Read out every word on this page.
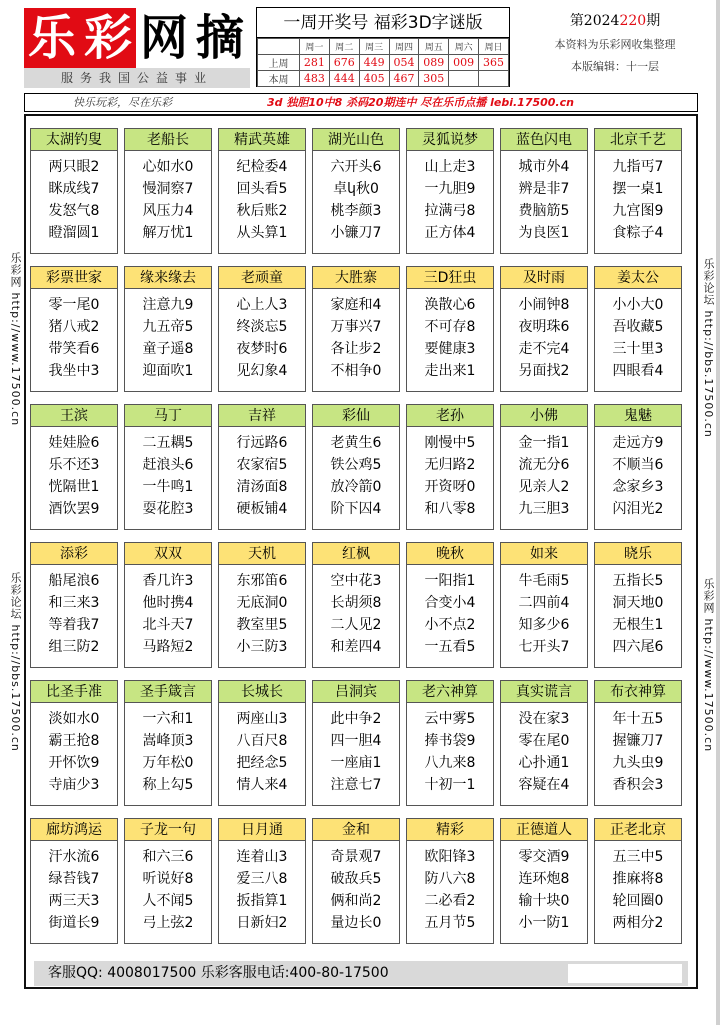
乐 彩 网 摘
服务我国公益事业
一周开奖号 福彩3D字谜版
	周一	周二	周三	周四	周五	周六	周日
上周	281	676	449	054	089	009	365
本周	483	444	405	467	305		
第2024220期
本资料为乐彩网收集整理
本版编辑：十一层
快乐玩彩，尽在乐彩	3d 独胆10中8 杀码20期连中 尽在乐币点播 lebi.17500.cn
乐彩网 http://www.17500.cn
乐彩论坛 http://bbs.17500.cn
乐彩论坛 http://bbs.17500.cn
乐彩网 http://www.17500.cn
太湖钓叟
两只眼2
眯成线7
发怒气8
瞪溜圆1
老船长
心如水0
慢洞察7
风压力4
解万忧1
精武英雄
纪检委4
回头看5
秋后账2
从头算1
湖光山色
六开头6
卓կ秋0
桃李颜3
小镰刀7
灵狐说梦
山上走3
一九胆9
拉满弓8
正方体4
蓝色闪电
城市外4
辨是非7
费脑筋5
为良医1
北京千艺
九指丐7
摆一桌1
九宫图9
食粽子4
彩票世家
零一尾0
猪八戒2
带笑看6
我坐中3
缘来缘去
注意九9
九五帝5
童子遥8
迎面吹1
老顽童
心上人3
终淡忘5
夜梦时6
见幻象4
大胜寨
家庭和4
万事兴7
各让步2
不相争0
三D狂虫
涣散心6
不可存8
要健康3
走出来1
及时雨
小闹钟8
夜明珠6
走不完4
另面找2
姜太公
小小大0
吾收藏5
三十里3
四眼看4
王滨
娃娃脸6
乐不还3
恍隔世1
酒饮罢9
马丁
二五耦5
赶浪头6
一牛鸣1
耍花腔3
吉祥
行远路6
农家宿5
清汤面8
硬板铺4
彩仙
老黄生6
铁公鸡5
放冷箭0
阶下囚4
老孙
刚慢中5
无归路2
开资呀0
和八零8
小佛
金一指1
流无分6
见亲人2
九三胆3
鬼魅
走远方9
不顺当6
念家乡3
闪泪光2
添彩
船尾浪6
和三来3
等着我7
组三防2
双双
香几许3
他时携4
北斗天7
马路短2
天机
东邪笛6
无底洞0
教室里5
小三防3
红枫
空中花3
长胡须8
二人见2
和差四4
晚秋
一阳指1
合变小4
小不点2
一五看5
如来
牛毛雨5
二四前4
知多少6
七开头7
晓乐
五指长5
洞天地0
无根生1
四六尾6
比圣手准
淡如水0
霸王抢8
开怀饮9
寺庙少3
圣手箴言
一六和1
嵩峰顶3
万年松0
称上勾5
长城长
两座山3
八百尺8
把经念5
情人来4
吕洞宾
此中争2
四一胆4
一座庙1
注意七7
老六神算
云中雾5
捧书袋9
八九来8
十初一1
真实谎言
没在家3
零在尾0
心扑通1
容疑在4
布衣神算
年十五5
握镰刀7
九头虫9
香积会3
廊坊鸿运
汗水流6
绿苔钱7
两三天3
街道长9
子龙一句
和六三6
听说好8
人不闻5
弓上弦2
日月通
连着山3
爱三八8
扳指算1
日新妇2
金和
奇景观7
破敌兵5
俩和尚2
量边长0
精彩
欧阳锋3
防八六8
二必看2
五月节5
正德道人
零交酒9
连环炮8
输十块0
小一防1
正老北京
五三中5
推麻将8
轮回圈0
两相分2
客服QQ: 4008017500 乐彩客服电话:400-80-17500
